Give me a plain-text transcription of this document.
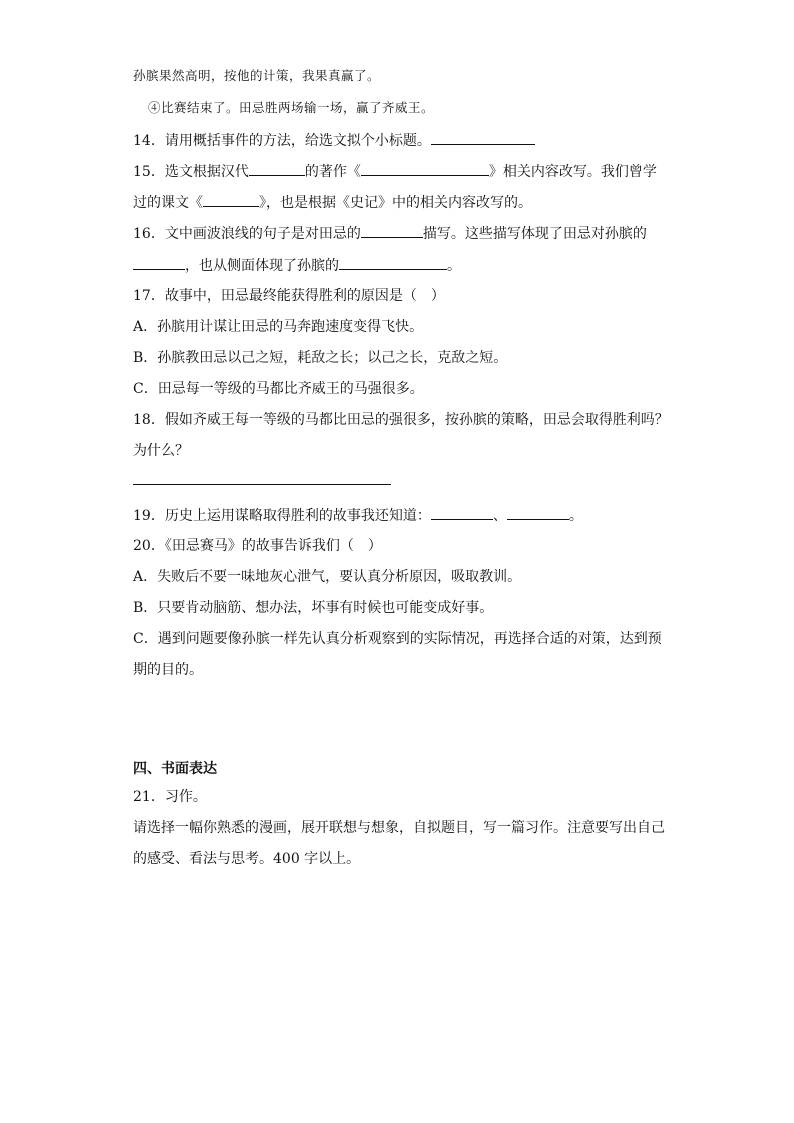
孙膑果然高明，按他的计策，我果真赢了。
④比赛结束了。田忌胜两场输一场，赢了齐威王。
14．请用概括事件的方法，给选文拟个小标题。
15．选文根据汉代	的著作《	》相关内容改写。我们曾学
过的课文《	》，也是根据《史记》中的相关内容改写的。
16．文中画波浪线的句子是对田忌的	描写。这些描写体现了田忌对孙膑的
，也从侧面体现了孙膑的	。
17．故事中，田忌最终能获得胜利的原因是（　）
A．孙膑用计谋让田忌的马奔跑速度变得飞快。
B．孙膑教田忌以己之短，耗敌之长；以己之长，克敌之短。
C．田忌每一等级的马都比齐威王的马强很多。
18．假如齐威王每一等级的马都比田忌的强很多，按孙膑的策略，田忌会取得胜利吗？
为什么？
19．历史上运用谋略取得胜利的故事我还知道：	、	。
20．《田忌赛马》的故事告诉我们（　）
A．失败后不要一味地灰心泄气，要认真分析原因，吸取教训。
B．只要肯动脑筋、想办法，坏事有时候也可能变成好事。
C．遇到问题要像孙膑一样先认真分析观察到的实际情况，再选择合适的对策，达到预
期的目的。
四、书面表达
21．习作。
请选择一幅你熟悉的漫画，展开联想与想象，自拟题目，写一篇习作。注意要写出自己
的感受、看法与思考。400 字以上。
